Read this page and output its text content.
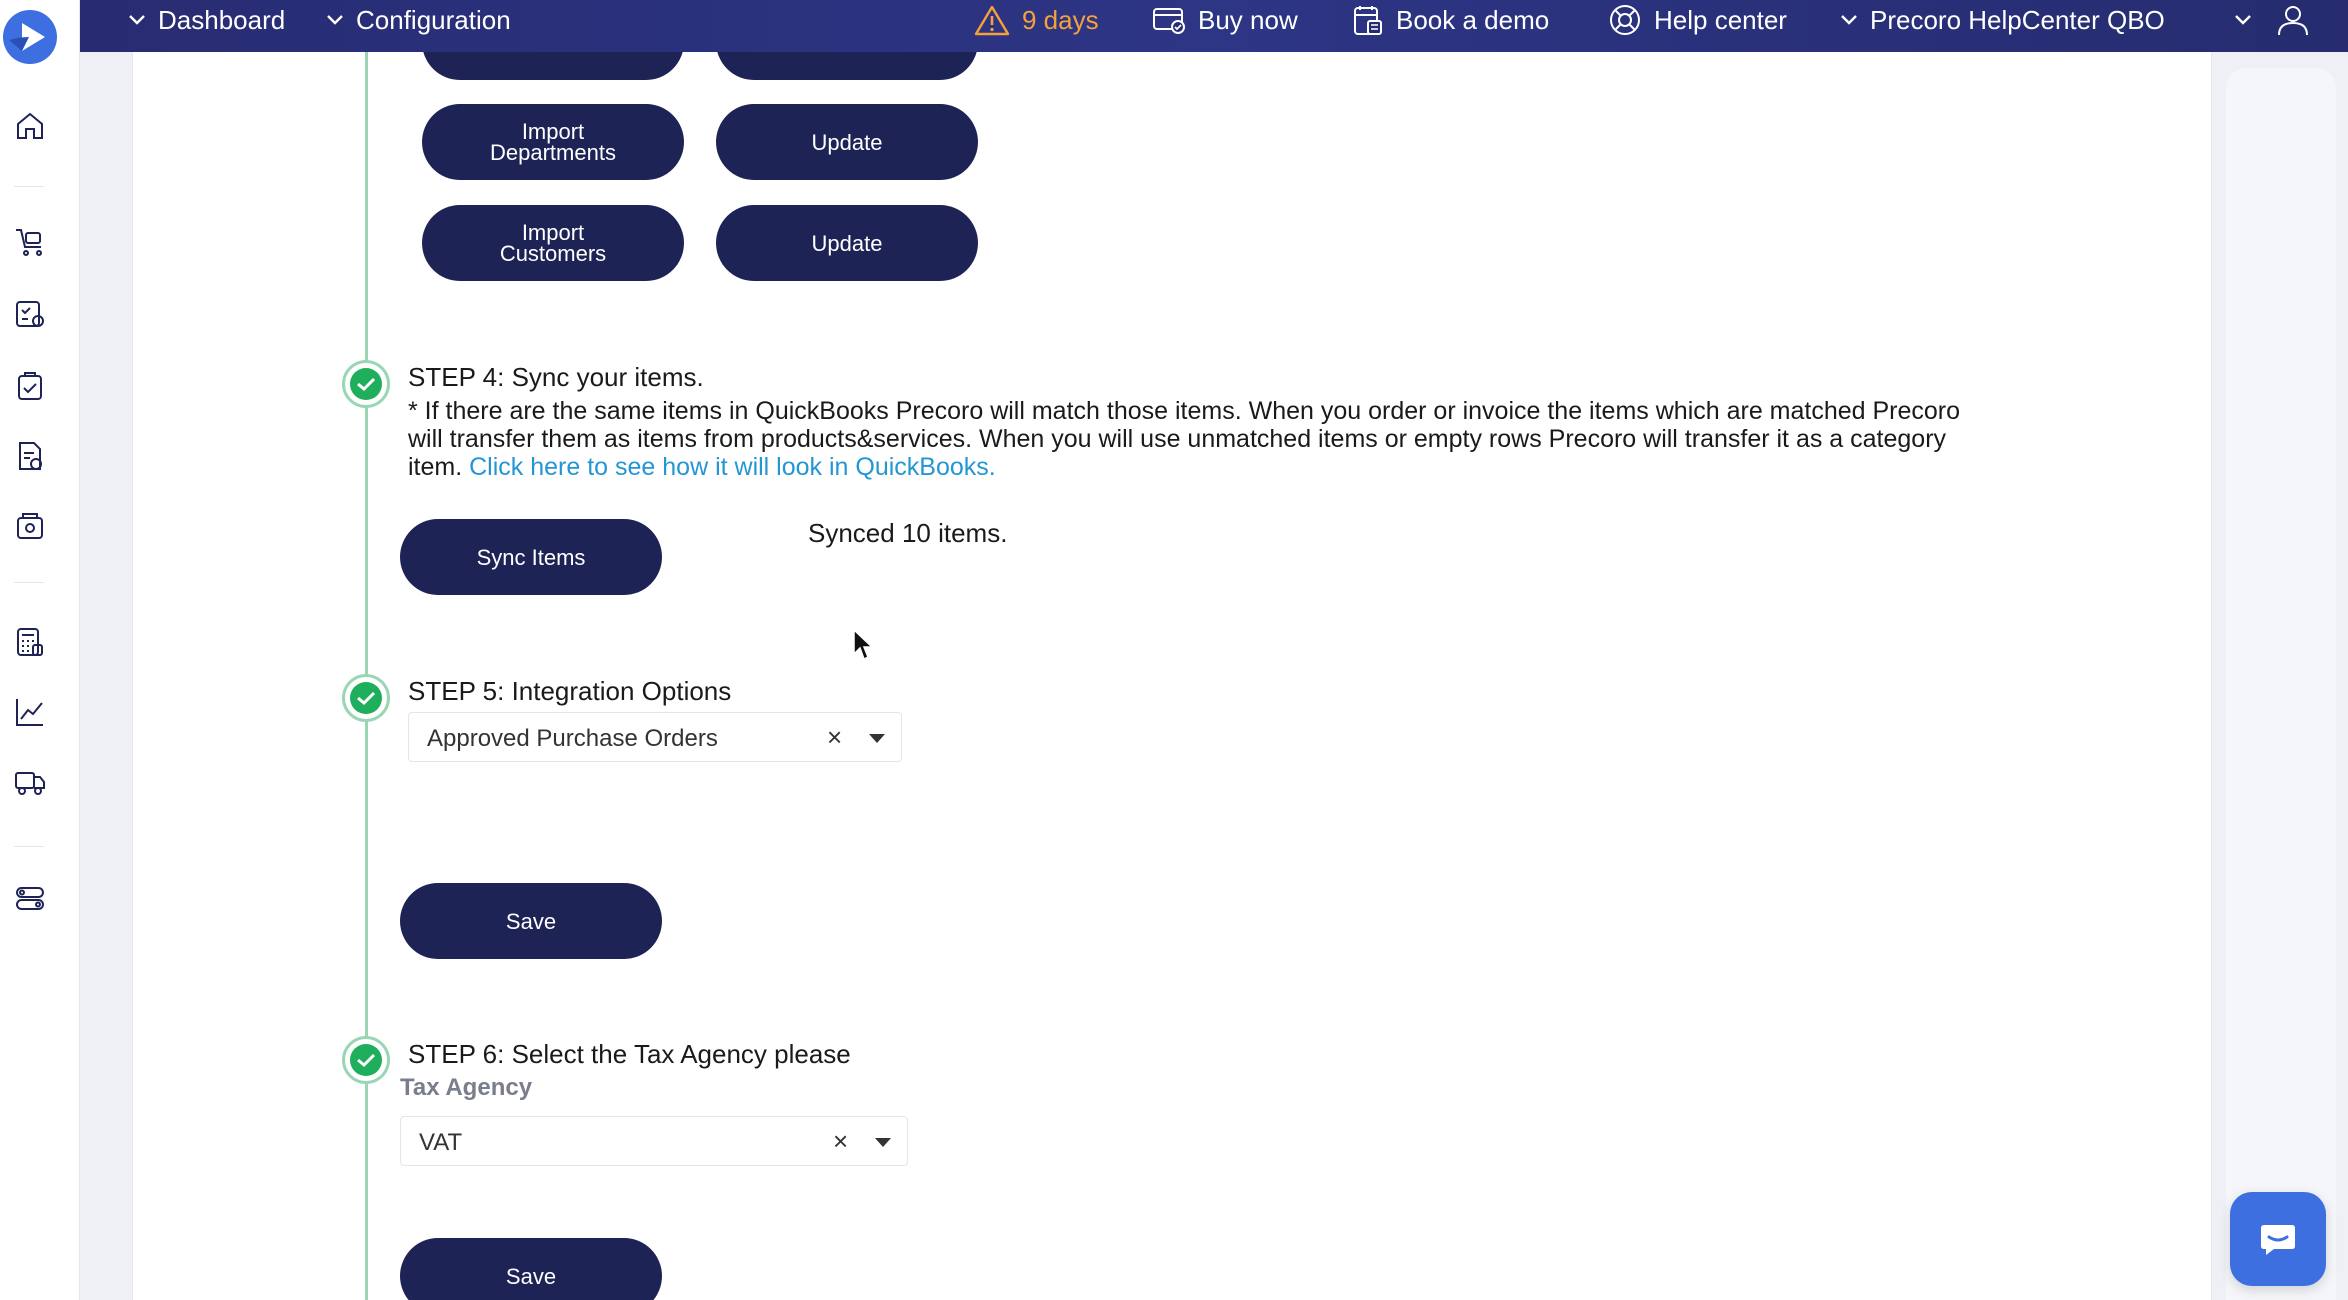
Dashboard	Configuration	9 days	Buy now	Book a demo	Help center	Precoro HelpCenter QBO
Import Departments	Update
Import Customers	Update
STEP 4: Sync your items.
* If there are the same items in QuickBooks Precoro will match those items. When you order or invoice the items which are matched Precoro will transfer them as items from products&services. When you will use unmatched items or empty rows Precoro will transfer it as a category item. Click here to see how it will look in QuickBooks.
Sync Items
Synced 10 items.
STEP 5: Integration Options
Approved Purchase Orders	×
Save
STEP 6: Select the Tax Agency please
Tax Agency
VAT	×
Save
